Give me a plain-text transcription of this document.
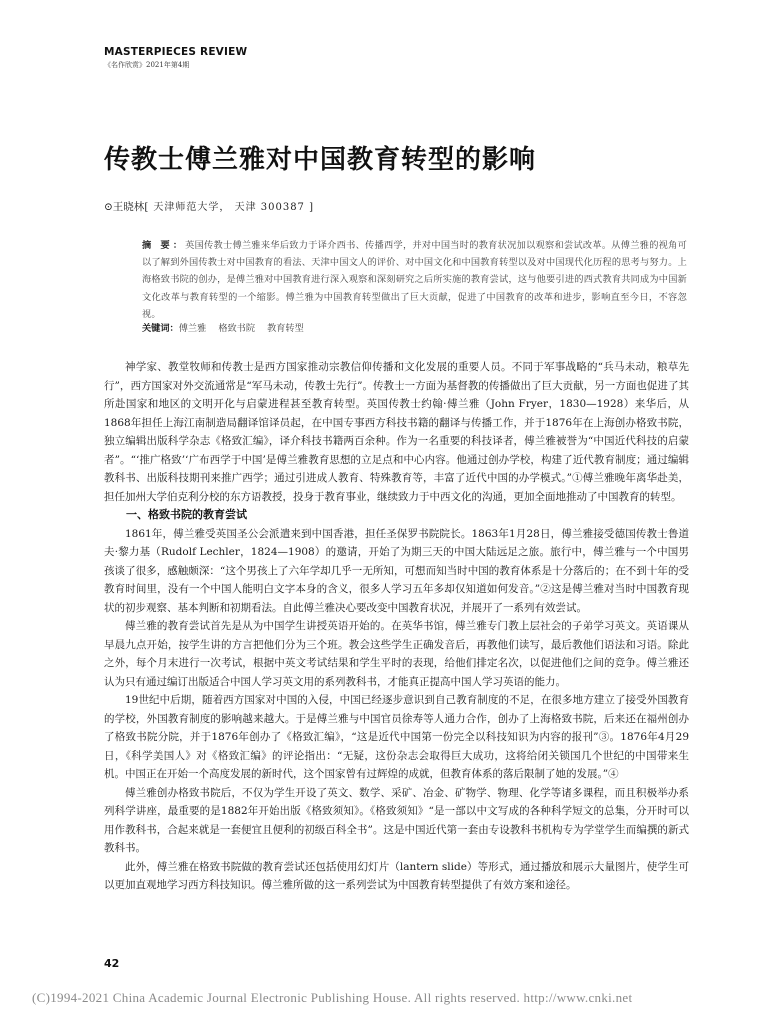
MASTERPIECES REVIEW
《名作欣赏》2021年第4期
传教士傅兰雅对中国教育转型的影响
⊙王晓林[ 天津师范大学， 天津 300387 ]
摘 要：英国传教士傅兰雅来华后致力于译介西书、传播西学，并对中国当时的教育状况加以观察和尝试改革。从傅兰雅的视角可以了解到外国传教士对中国教育的看法、天津中国文人的评价、对中国文化和中国教育转型以及对中国现代化历程的思考与努力。上海格致书院的创办，是傅兰雅对中国教育进行深入观察和深刻研究之后所实施的教育尝试，这与他要引进的西式教育共同成为中国新文化改革与教育转型的一个缩影。傅兰雅为中国教育转型做出了巨大贡献，促进了中国教育的改革和进步，影响直至今日，不容忽视。
关键词：傅兰雅 格致书院 教育转型

神学家、教堂牧师和传教士是西方国家推动宗教信仰传播和文化发展的重要人员。不同于军事战略的“兵马未动，粮草先行”，西方国家对外交流通常是“军马未动，传教士先行”。传教士一方面为基督教的传播做出了巨大贡献，另一方面也促进了其所赴国家和地区的文明开化与启蒙进程甚至教育转型。英国传教士约翰·傅兰雅（John Fryer，1830—1928）来华后，从1868年担任上海江南制造局翻译馆译员起，在中国专事西方科技书籍的翻译与传播工作，并于1876年在上海创办格致书院，独立编辑出版科学杂志《格致汇编》，译介科技书籍两百余种。作为一名重要的科技译者，傅兰雅被誉为“中国近代科技的启蒙者”。“‘推广格致’‘广布西学于中国’是傅兰雅教育思想的立足点和中心内容。他通过创办学校，构建了近代教育制度；通过编辑教科书、出版科技期刊来推广西学；通过引进成人教育、特殊教育等，丰富了近代中国的办学模式。”①傅兰雅晚年离华赴美，担任加州大学伯克利分校的东方语教授，投身于教育事业，继续致力于中西文化的沟通，更加全面地推动了中国教育的转型。

一、格致书院的教育尝试

1861年，傅兰雅受英国圣公会派遣来到中国香港，担任圣保罗书院院长。1863年1月28日，傅兰雅接受德国传教士鲁道夫·黎力基（Rudolf Lechler，1824—1908）的邀请，开始了为期三天的中国大陆远足之旅。旅行中，傅兰雅与一个中国男孩谈了很多，感触颇深：“这个男孩上了六年学却几乎一无所知，可想而知当时中国的教育体系是十分落后的；在不到十年的受教育时间里，没有一个中国人能明白文字本身的含义，很多人学习五年多却仅知道如何发音。”②这是傅兰雅对当时中国教育现状的初步观察、基本判断和初期看法。自此傅兰雅决心要改变中国教育状况，并展开了一系列有效尝试。

傅兰雅的教育尝试首先是从为中国学生讲授英语开始的。在英华书馆，傅兰雅专门教上层社会的子弟学习英文。英语课从早晨九点开始，按学生讲的方言把他们分为三个班。教会这些学生正确发音后，再教他们读写，最后教他们语法和习语。除此之外，每个月末进行一次考试，根据中英文考试结果和学生平时的表现，给他们排定名次，以促进他们之间的竞争。傅兰雅还认为只有通过编订出版适合中国人学习英文用的系列教科书，才能真正提高中国人学习英语的能力。

19世纪中后期，随着西方国家对中国的入侵，中国已经逐步意识到自己教育制度的不足，在很多地方建立了接受外国教育的学校，外国教育制度的影响越来越大。于是傅兰雅与中国官员徐寿等人通力合作，创办了上海格致书院，后来还在福州创办了格致书院分院，并于1876年创办了《格致汇编》，“这是近代中国第一份完全以科技知识为内容的报刊”③。1876年4月29日，《科学美国人》对《格致汇编》的评论指出：“无疑，这份杂志会取得巨大成功，这将给闭关锁国几个世纪的中国带来生机。中国正在开始一个高度发展的新时代，这个国家曾有过辉煌的成就，但教育体系的落后限制了她的发展。”④

傅兰雅创办格致书院后，不仅为学生开设了英文、数学、采矿、冶金、矿物学、物理、化学等诸多课程，而且积极举办系列科学讲座，最重要的是1882年开始出版《格致须知》。《格致须知》“是一部以中文写成的各种科学短文的总集，分开时可以用作教科书，合起来就是一套便宜且便利的初级百科全书”。这是中国近代第一套由专设教科书机构专为学堂学生而编撰的新式教科书。

此外，傅兰雅在格致书院做的教育尝试还包括使用幻灯片（lantern slide）等形式，通过播放和展示大量图片，使学生可以更加直观地学习西方科技知识。傅兰雅所做的这一系列尝试为中国教育转型提供了有效方案和途径。

42
(C)1994-2021 China Academic Journal Electronic Publishing House. All rights reserved. http://www.cnki.net
